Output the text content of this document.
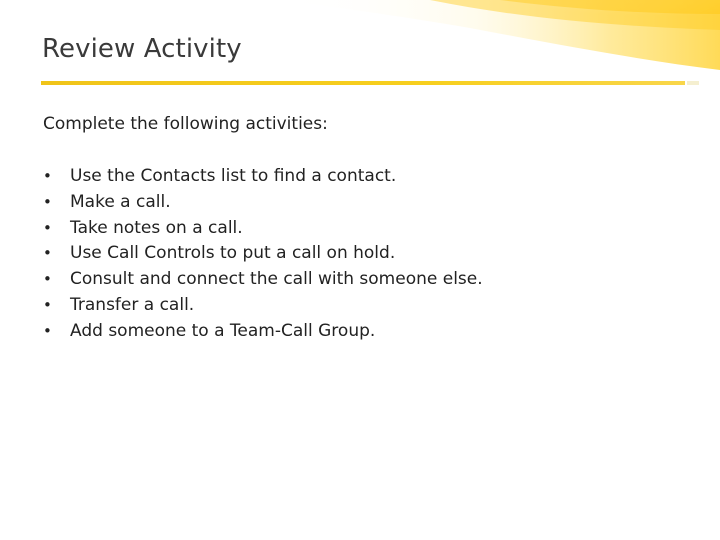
Review Activity
Complete the following activities:
•	Use the Contacts list to find a contact.
•	Make a call.
•	Take notes on a call.
•	Use Call Controls to put a call on hold.
•	Consult and connect the call with someone else.
•	Transfer a call.
•	Add someone to a Team-Call Group.
